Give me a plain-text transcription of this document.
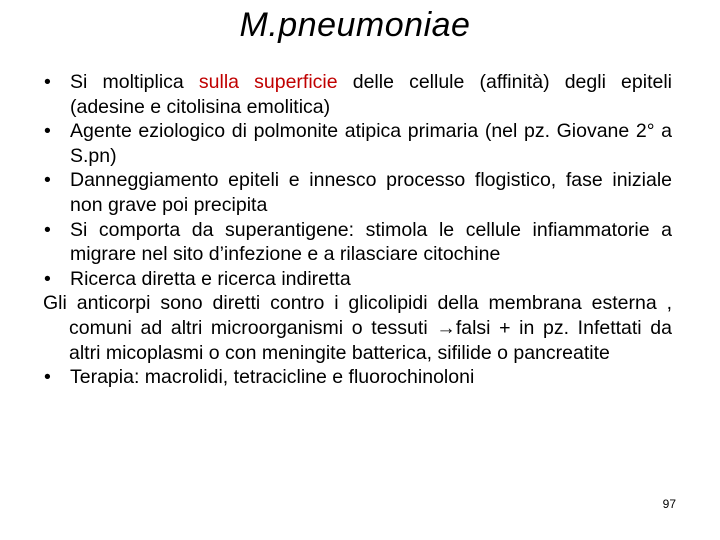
M.pneumoniae
• Si moltiplica sulla superficie delle cellule (affinità) degli epiteli (adesine e citolisina emolitica)
• Agente eziologico di polmonite atipica primaria (nel pz. Giovane 2° a S.pn)
• Danneggiamento epiteli e innesco processo flogistico, fase iniziale non grave poi precipita
• Si comporta da superantigene: stimola le cellule infiammatorie a migrare nel sito d’infezione e a rilasciare citochine
• Ricerca diretta e ricerca indiretta
Gli anticorpi sono diretti contro i glicolipidi della membrana esterna , comuni ad altri microorganismi o tessuti →falsi + in pz. Infettati da altri micoplasmi o con meningite batterica, sifilide o pancreatite
• Terapia: macrolidi, tetracicline e fluorochinoloni
97
